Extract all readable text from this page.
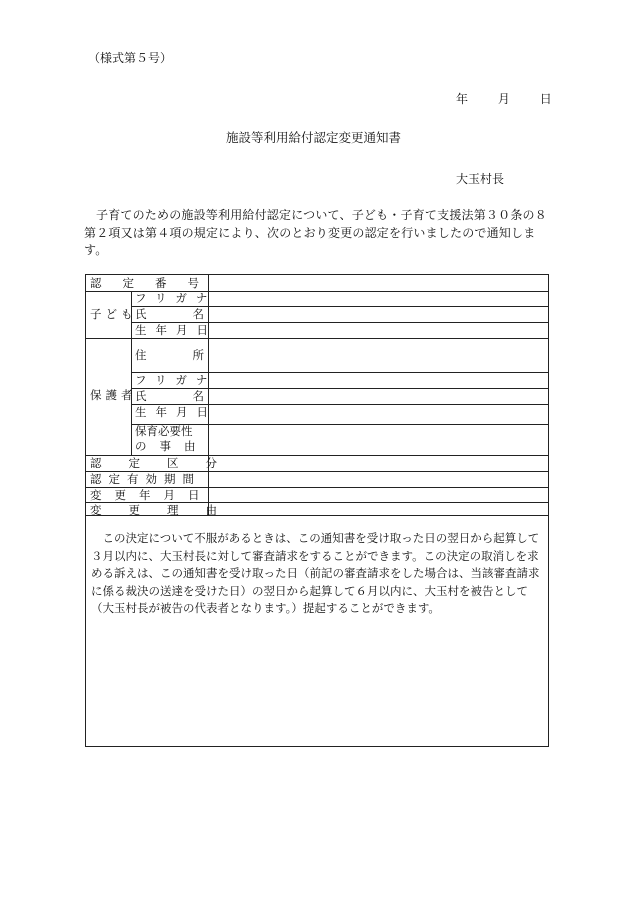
（様式第５号）
年 月 日
施設等利用給付認定変更通知書
大玉村長
子育てのための施設等利用給付認定について、子ども・子育て支援法第３０条の８第２項又は第４項の規定により、次のとおり変更の認定を行いましたので通知します。
認定番号
子ども
フリガナ
氏名
生年月日
保護者
住所
フリガナ
氏名
生年月日
保育必要性
の事由
認定区分
認定有効期間
変更年月日
変更理由
この決定について不服があるときは、この通知書を受け取った日の翌日から起算して３月以内に、大玉村長に対して審査請求をすることができます。この決定の取消しを求める訴えは、この通知書を受け取った日（前記の審査請求をした場合は、当該審査請求に係る裁決の送達を受けた日）の翌日から起算して６月以内に、大玉村を被告として（大玉村長が被告の代表者となります。）提起することができます。
